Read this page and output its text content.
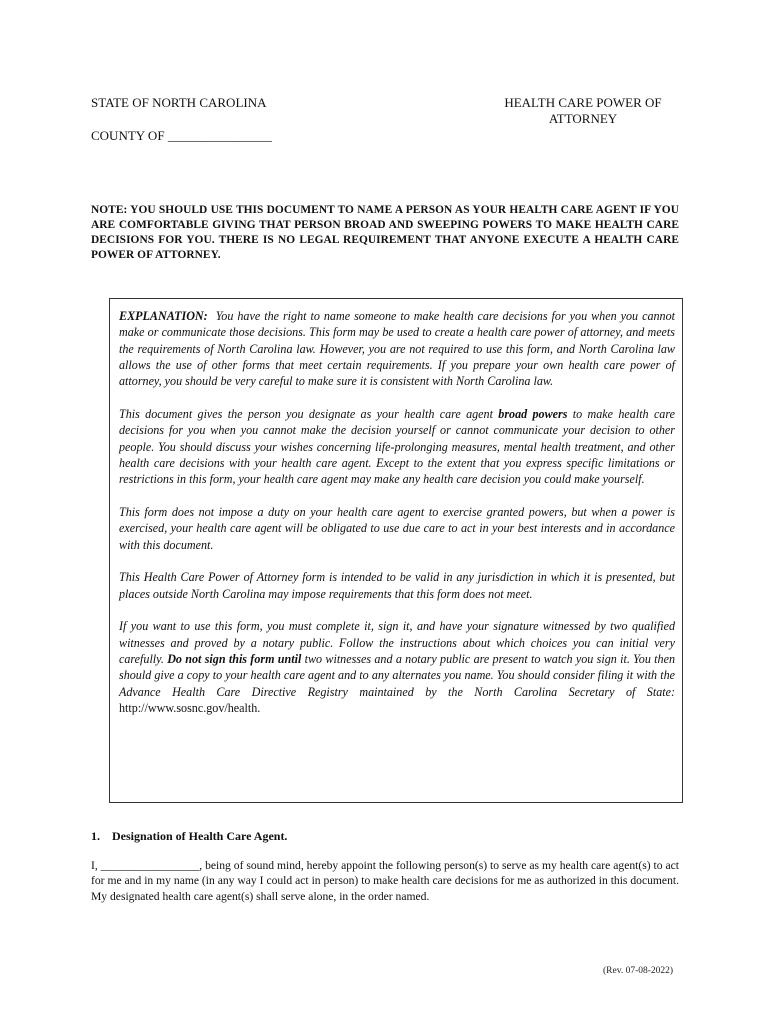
STATE OF NORTH CAROLINA
COUNTY OF ________________
HEALTH CARE POWER OF
ATTORNEY
NOTE: YOU SHOULD USE THIS DOCUMENT TO NAME A PERSON AS YOUR HEALTH CARE AGENT IF YOU ARE COMFORTABLE GIVING THAT PERSON BROAD AND SWEEPING POWERS TO MAKE HEALTH CARE DECISIONS FOR YOU. THERE IS NO LEGAL REQUIREMENT THAT ANYONE EXECUTE A HEALTH CARE POWER OF ATTORNEY.

EXPLANATION: You have the right to name someone to make health care decisions for you when you cannot make or communicate those decisions. This form may be used to create a health care power of attorney, and meets the requirements of North Carolina law. However, you are not required to use this form, and North Carolina law allows the use of other forms that meet certain requirements. If you prepare your own health care power of attorney, you should be very careful to make sure it is consistent with North Carolina law.

This document gives the person you designate as your health care agent broad powers to make health care decisions for you when you cannot make the decision yourself or cannot communicate your decision to other people. You should discuss your wishes concerning life-prolonging measures, mental health treatment, and other health care decisions with your health care agent. Except to the extent that you express specific limitations or restrictions in this form, your health care agent may make any health care decision you could make yourself.

This form does not impose a duty on your health care agent to exercise granted powers, but when a power is exercised, your health care agent will be obligated to use due care to act in your best interests and in accordance with this document.

This Health Care Power of Attorney form is intended to be valid in any jurisdiction in which it is presented, but places outside North Carolina may impose requirements that this form does not meet.

If you want to use this form, you must complete it, sign it, and have your signature witnessed by two qualified witnesses and proved by a notary public. Follow the instructions about which choices you can initial very carefully. Do not sign this form until two witnesses and a notary public are present to watch you sign it. You then should give a copy to your health care agent and to any alternates you name. You should consider filing it with the Advance Health Care Directive Registry maintained by the North Carolina Secretary of State: http://www.sosnc.gov/health.

1. Designation of Health Care Agent.
I, _________________, being of sound mind, hereby appoint the following person(s) to serve as my health care agent(s) to act for me and in my name (in any way I could act in person) to make health care decisions for me as authorized in this document. My designated health care agent(s) shall serve alone, in the order named.
(Rev. 07-08-2022)
